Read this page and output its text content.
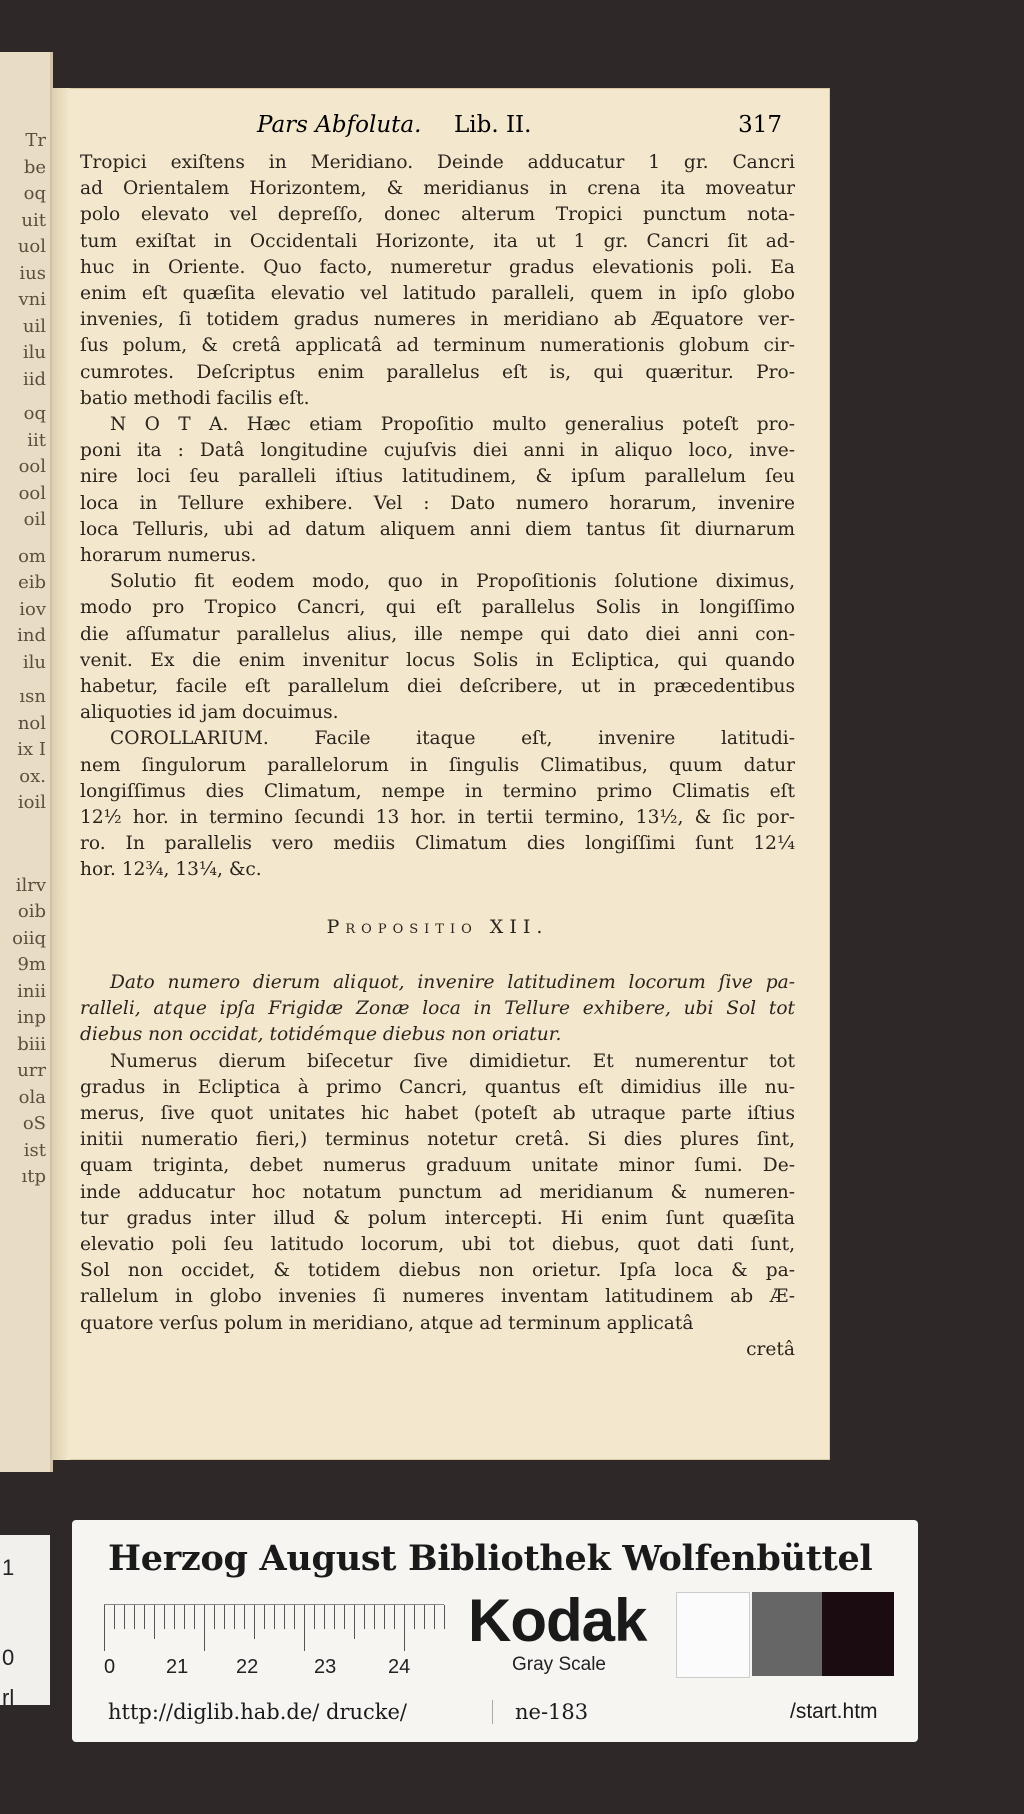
Tr
be
oq
uit
uol
ius
vni
uil
ilu
iid
oq
iit
ool
ool
oil
om
eib
iov
ind
ilu
ısn
nol
ix I
ox.
ioil
ilrv
oib
oiiq
9m
inii
inp
biii
urr
ola
oS
ist
ıtp
1
0
rl
Pars Abfoluta. Lib. II.	317
Tropici exiſtens in Meridiano. Deinde adducatur 1 gr. Cancri
ad Orientalem Horizontem, & meridianus in crena ita moveatur
polo elevato vel depreſſo, donec alterum Tropici punctum nota-
tum exiſtat in Occidentali Horizonte, ita ut 1 gr. Cancri ſit ad-
huc in Oriente. Quo facto, numeretur gradus elevationis poli. Ea
enim eſt quæſita elevatio vel latitudo paralleli, quem in ipſo globo
invenies, ſi totidem gradus numeres in meridiano ab Æquatore ver-
ſus polum, & cretâ applicatâ ad terminum numerationis globum cir-
cumrotes. Deſcriptus enim parallelus eſt is, qui quæritur. Pro-
batio methodi facilis eſt.
N O T A. Hæc etiam Propoſitio multo generalius poteſt pro-
poni ita : Datâ longitudine cujuſvis diei anni in aliquo loco, inve-
nire loci ſeu paralleli iſtius latitudinem, & ipſum parallelum ſeu
loca in Tellure exhibere. Vel : Dato numero horarum, invenire
loca Telluris, ubi ad datum aliquem anni diem tantus ſit diurnarum
horarum numerus.
Solutio fit eodem modo, quo in Propoſitionis ſolutione diximus,
modo pro Tropico Cancri, qui eſt parallelus Solis in longiſſimo
die aſſumatur parallelus alius, ille nempe qui dato diei anni con-
venit. Ex die enim invenitur locus Solis in Ecliptica, qui quando
habetur, facile eſt parallelum diei deſcribere, ut in præcedentibus
aliquoties id jam docuimus.
COROLLARIUM. Facile itaque eſt, invenire latitudi-
nem ſingulorum parallelorum in ſingulis Climatibus, quum datur
longiſſimus dies Climatum, nempe in termino primo Climatis eſt
12½ hor. in termino ſecundi 13 hor. in tertii termino, 13½, & ſic por-
ro. In parallelis vero mediis Climatum dies longiſſimi ſunt 12¼
hor. 12¾, 13¼, &c.
Propositio XII.
Dato numero dierum aliquot, invenire latitudinem locorum ſive pa-
ralleli, atque ipſa Frigidæ Zonæ loca in Tellure exhibere, ubi Sol tot
diebus non occidat, totidémque diebus non oriatur.
Numerus dierum biſecetur ſive dimidietur. Et numerentur tot
gradus in Ecliptica à primo Cancri, quantus eſt dimidius ille nu-
merus, ſive quot unitates hic habet (poteſt ab utraque parte iſtius
initii numeratio fieri,) terminus notetur cretâ. Si dies plures ſint,
quam triginta, debet numerus graduum unitate minor ſumi. De-
inde adducatur hoc notatum punctum ad meridianum & numeren-
tur gradus inter illud & polum intercepti. Hi enim ſunt quæſita
elevatio poli ſeu latitudo locorum, ubi tot diebus, quot dati ſunt,
Sol non occidet, & totidem diebus non orietur. Ipſa loca & pa-
rallelum in globo invenies ſi numeres inventam latitudinem ab Æ-
quatore verſus polum in meridiano, atque ad terminum applicatâ
cretâ
Herzog August Bibliothek Wolfenbüttel
0	21 22	23	24
Kodak
Gray Scale
http://diglib.hab.de/ drucke/	ne-183	/start.htm
